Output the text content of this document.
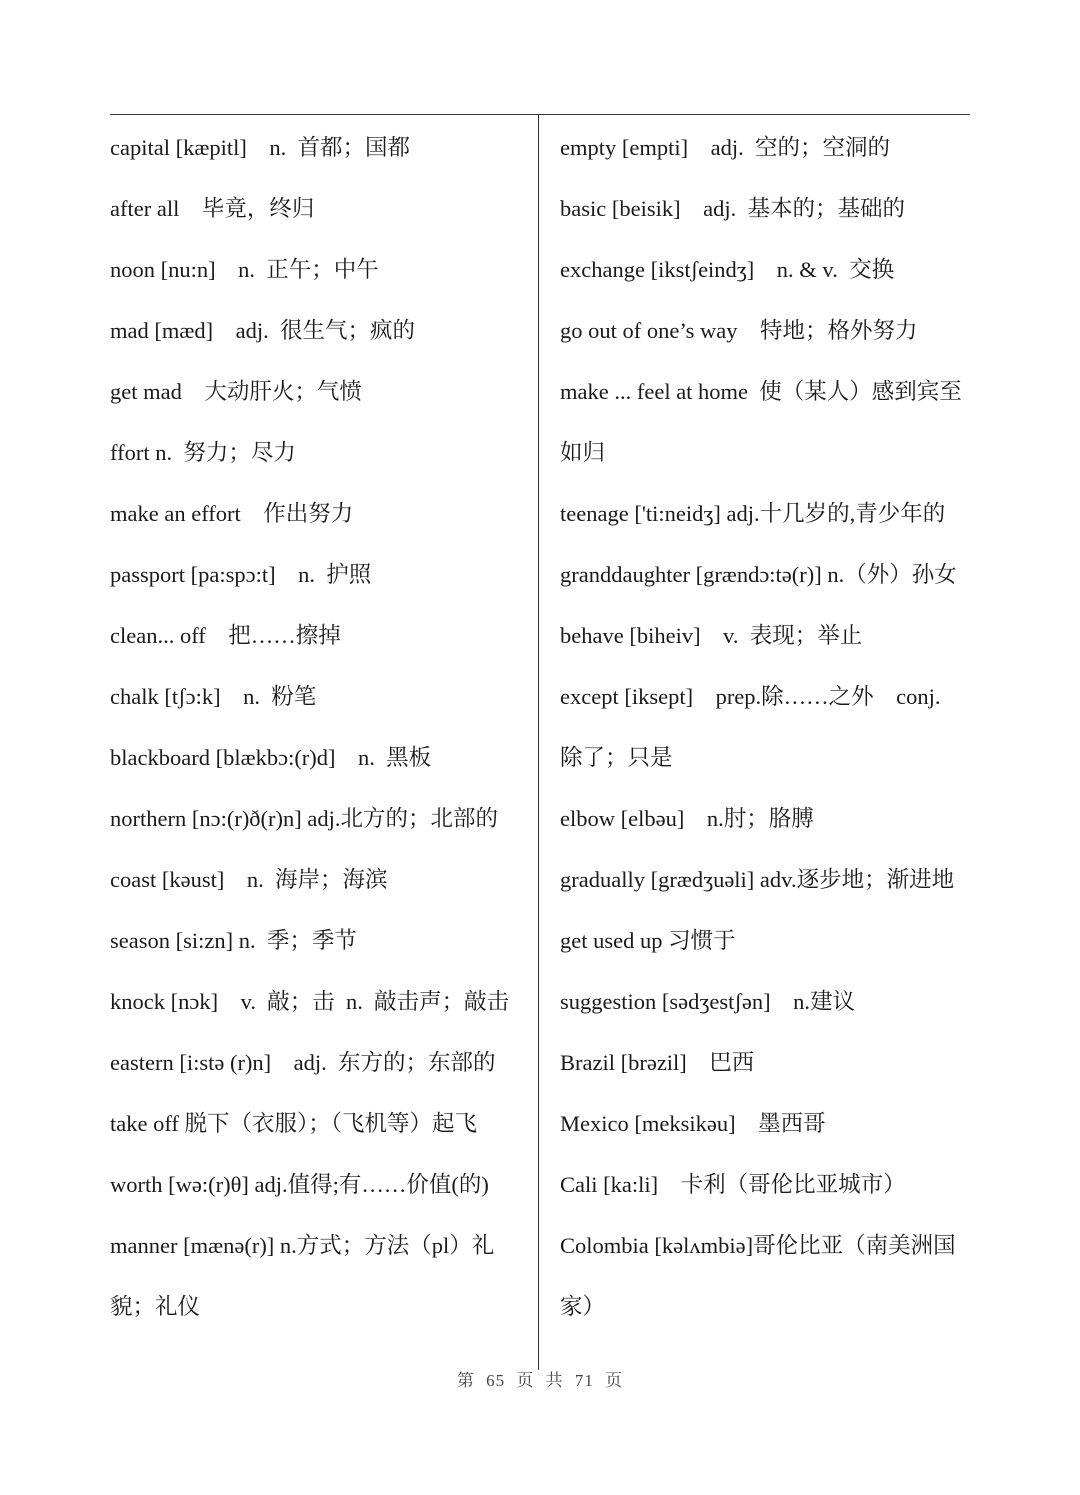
capital [kæpitl]    n.  首都；国都
after all    毕竟，终归
noon [nu:n]    n.  正午；中午
mad [mæd]    adj.  很生气；疯的
get mad    大动肝火；气愤
ffort n.  努力；尽力
make an effort    作出努力
passport [pa:spɔ:t]    n.  护照
clean... off    把……擦掉
chalk [tʃɔ:k]    n.  粉笔
blackboard [blækbɔ:(r)d]    n.  黑板
northern [nɔ:(r)ð(r)n] adj.北方的；北部的
coast [kəust]    n.  海岸；海滨
season [si:zn] n.  季；季节
knock [nɔk]    v.  敲；击  n.  敲击声；敲击
eastern [i:stə (r)n]    adj.  东方的；东部的
take off 脱下（衣服）；（飞机等）起飞
worth [wə:(r)θ] adj.值得;有……价值(的)
manner [mænə(r)] n.方式；方法（pl）礼
貌；礼仪
empty [empti]    adj.  空的；空洞的
basic [beisik]    adj.  基本的；基础的
exchange [ikstʃeindʒ]    n. & v.  交换
go out of one’s way    特地；格外努力
make ... feel at home  使（某人）感到宾至
如归
teenage ['ti:neidʒ] adj.十几岁的,青少年的
granddaughter [grændɔ:tə(r)] n.（外）孙女
behave [biheiv]    v.  表现；举止
except [iksept]    prep.除……之外    conj.
除了；只是
elbow [elbəu]    n.肘；胳膊
gradually [grædʒuəli] adv.逐步地；渐进地
get used up 习惯于
suggestion [sədʒestʃən]    n.建议
Brazil [brəzil]    巴西
Mexico [meksikəu]    墨西哥
Cali [ka:li]    卡利（哥伦比亚城市）
Colombia [kəlʌmbiə]哥伦比亚（南美洲国
家）
第 65 页 共 71 页
